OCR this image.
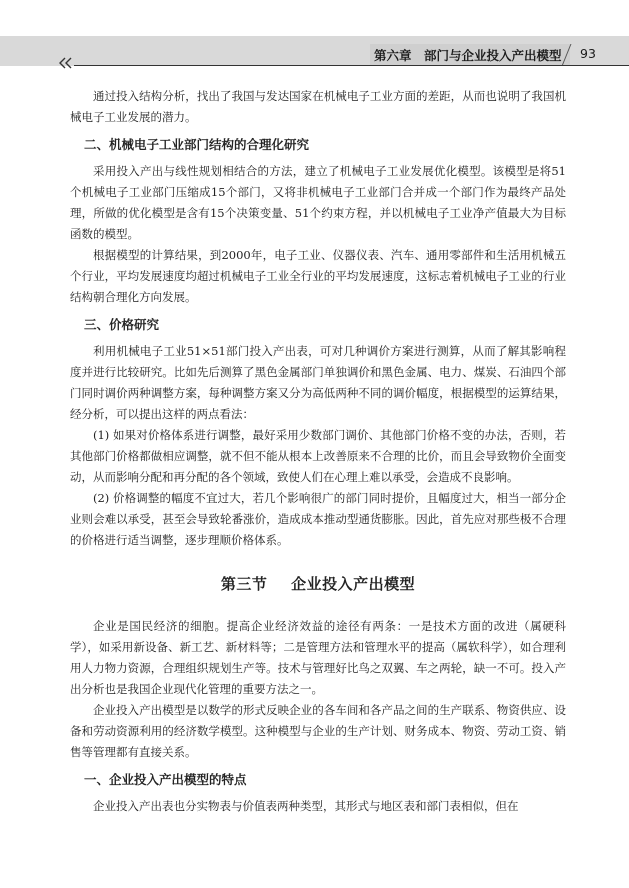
第六章　部门与企业投入产出模型 93

通过投入结构分析，找出了我国与发达国家在机械电子工业方面的差距，从而也说明了我国机械电子工业发展的潜力。

二、机械电子工业部门结构的合理化研究

采用投入产出与线性规划相结合的方法，建立了机械电子工业发展优化模型。该模型是将51个机械电子工业部门压缩成15个部门，又将非机械电子工业部门合并成一个部门作为最终产品处理，所做的优化模型是含有15个决策变量、51个约束方程，并以机械电子工业净产值最大为目标函数的模型。

根据模型的计算结果，到2000年，电子工业、仪器仪表、汽车、通用零部件和生活用机械五个行业，平均发展速度均超过机械电子工业全行业的平均发展速度，这标志着机械电子工业的行业结构朝合理化方向发展。

三、价格研究

利用机械电子工业51×51部门投入产出表，可对几种调价方案进行测算，从而了解其影响程度并进行比较研究。比如先后测算了黑色金属部门单独调价和黑色金属、电力、煤炭、石油四个部门同时调价两种调整方案，每种调整方案又分为高低两种不同的调价幅度，根据模型的运算结果，经分析，可以提出这样的两点看法：

(1) 如果对价格体系进行调整，最好采用少数部门调价、其他部门价格不变的办法，否则，若其他部门价格都做相应调整，就不但不能从根本上改善原来不合理的比价，而且会导致物价全面变动，从而影响分配和再分配的各个领域，致使人们在心理上难以承受，会造成不良影响。

(2) 价格调整的幅度不宜过大，若几个影响很广的部门同时提价，且幅度过大，相当一部分企业则会难以承受，甚至会导致轮番涨价，造成成本推动型通货膨胀。因此，首先应对那些极不合理的价格进行适当调整，逐步理顺价格体系。

第三节 企业投入产出模型

企业是国民经济的细胞。提高企业经济效益的途径有两条：一是技术方面的改进（属硬科学），如采用新设备、新工艺、新材料等；二是管理方法和管理水平的提高（属软科学），如合理利用人力物力资源，合理组织规划生产等。技术与管理好比鸟之双翼、车之两轮，缺一不可。投入产出分析也是我国企业现代化管理的重要方法之一。

企业投入产出模型是以数学的形式反映企业的各车间和各产品之间的生产联系、物资供应、设备和劳动资源利用的经济数学模型。这种模型与企业的生产计划、财务成本、物资、劳动工资、销售等管理都有直接关系。

一、企业投入产出模型的特点

企业投入产出表也分实物表与价值表两种类型，其形式与地区表和部门表相似，但在
